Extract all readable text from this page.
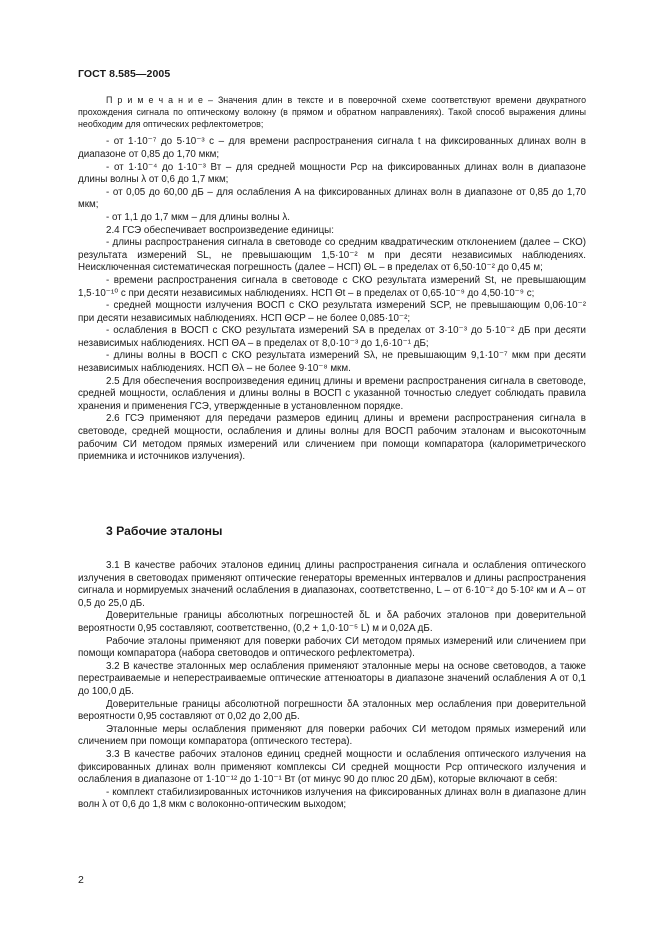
ГОСТ 8.585—2005

П р и м е ч а н и е – Значения длин в тексте и в поверочной схеме соответствуют времени двукратного прохождения сигнала по оптическому волокну (в прямом и обратном направлениях). Такой способ выражения длины необходим для оптических рефлектометров;

- от 1·10⁻⁷ до 5·10⁻³ с – для времени распространения сигнала t на фиксированных длинах волн в диапазоне от 0,85 до 1,70 мкм;

- от 1·10⁻⁴ до 1·10⁻³ Вт – для средней мощности Pср на фиксированных длинах волн в диапазоне длины волны λ от 0,6 до 1,7 мкм;

- от 0,05 до 60,00 дБ – для ослабления A на фиксированных длинах волн в диапазоне от 0,85 до 1,70 мкм;

- от 1,1 до 1,7 мкм – для длины волны λ.

2.4 ГСЭ обеспечивает воспроизведение единицы:

- длины распространения сигнала в световоде со средним квадратическим отклонением (далее – СКО) результата измерений SL, не превышающим 1,5·10⁻² м при десяти независимых наблюдениях. Неисключенная систематическая погрешность (далее – НСП) ΘL – в пределах от 6,50·10⁻² до 0,45 м;

- времени распространения сигнала в световоде с СКО результата измерений St, не превышающим 1,5·10⁻¹⁰ с при десяти независимых наблюдениях. НСП Θt – в пределах от 0,65·10⁻⁹ до 4,50·10⁻⁹ с;

- средней мощности излучения ВОСП с СКО результата измерений SCP, не превышающим 0,06·10⁻² при десяти независимых наблюдениях. НСП ΘCP – не более 0,085·10⁻²;

- ослабления в ВОСП с СКО результата измерений SA в пределах от 3·10⁻³ до 5·10⁻² дБ при десяти независимых наблюдениях. НСП ΘA – в пределах от 8,0·10⁻³ до 1,6·10⁻¹ дБ;

- длины волны в ВОСП с СКО результата измерений Sλ, не превышающим 9,1·10⁻⁷ мкм при десяти независимых наблюдениях. НСП Θλ – не более 9·10⁻⁸ мкм.

2.5 Для обеспечения воспроизведения единиц длины и времени распространения сигнала в световоде, средней мощности, ослабления и длины волны в ВОСП с указанной точностью следует соблюдать правила хранения и применения ГСЭ, утвержденные в установленном порядке.

2.6 ГСЭ применяют для передачи размеров единиц длины и времени распространения сигнала в световоде, средней мощности, ослабления и длины волны для ВОСП рабочим эталонам и высокоточным рабочим СИ методом прямых измерений или сличением при помощи компаратора (калориметрического приемника и источников излучения).

3 Рабочие эталоны

3.1 В качестве рабочих эталонов единиц длины распространения сигнала и ослабления оптического излучения в световодах применяют оптические генераторы временных интервалов и длины распространения сигнала и нормируемых значений ослабления в диапазонах, соответственно, L – от 6·10⁻² до 5·10² км и A – от 0,5 до 25,0 дБ.

Доверительные границы абсолютных погрешностей δL и δA рабочих эталонов при доверительной вероятности 0,95 составляют, соответственно, (0,2 + 1,0·10⁻⁵ L) м и 0,02A дБ.

Рабочие эталоны применяют для поверки рабочих СИ методом прямых измерений или сличением при помощи компаратора (набора световодов и оптического рефлектометра).

3.2 В качестве эталонных мер ослабления применяют эталонные меры на основе световодов, а также перестраиваемые и неперестраиваемые оптические аттенюаторы в диапазоне значений ослабления A от 0,1 до 100,0 дБ.

Доверительные границы абсолютной погрешности δA эталонных мер ослабления при доверительной вероятности 0,95 составляют от 0,02 до 2,00 дБ.

Эталонные меры ослабления применяют для поверки рабочих СИ методом прямых измерений или сличением при помощи компаратора (оптического тестера).

3.3 В качестве рабочих эталонов единиц средней мощности и ослабления оптического излучения на фиксированных длинах волн применяют комплексы СИ средней мощности Pср оптического излучения и ослабления в диапазоне от 1·10⁻¹² до 1·10⁻¹ Вт (от минус 90 до плюс 20 дБм), которые включают в себя:

- комплект стабилизированных источников излучения на фиксированных длинах волн в диапазоне длин волн λ от 0,6 до 1,8 мкм с волоконно-оптическим выходом;

2
